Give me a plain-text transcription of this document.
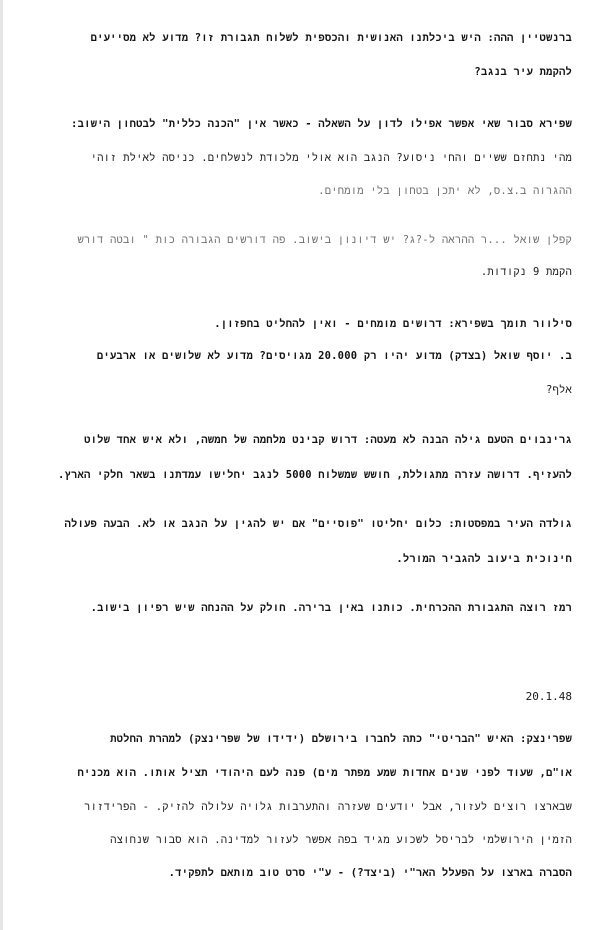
ברנשטיין ההה: היש ביכלתנו האנושית והכספית לשלוח תגבורת זו? מדוע לא מסייעים
להקמת עיר בנגב?
שפירא סבור שאי אפשר אפילו לדון על השאלה - כאשר אין "הכנה כללית" לבטחון הישוב:
מהי נתחזם ששיים והחי ניסוע? הנגב הוא אולי מלכודת לנשלחים. כניסה לאילת זוהי
ההגרוה ב.צ.ס, לא יתכן בטחון בלי מומחים.
קפלן שואל ...ר ההראה ל-?ג? יש דיונון בישוב. פה דורשים הגבורה כות " ובטה דורש
הקמת 9 נקודות.
סילוור תומך בשפירא: דרושים מומחים - ואין להחליט בחפזון.
ב. יוסף שואל (בצדק) מדוע יהיו רק 20.000 מגויסים? מדוע לא שלושים או ארבעים
אלף?
גרינבוים הטעם גילה הבנה לא מעטה: דרוש קבינט מלחמה של חמשה, ולא איש אחד שלוט
להעזיף. דרושה עזרה מתגוללת, חושש שמשלוח 5000 לנגב יחלישו עמדתנו בשאר חלקי הארץ.
גולדה העיר במפסטות: כלום יחליטו "פוסיים" אם יש להגין על הנגב או לא. הבעה פעולה
חינוכית ביעוב להגביר המורל.
רמז רוצה התגבורת ההכרחית. כותנו באין ברירה. חולק על ההנחה שיש רפיון בישוב.
20.1.48
שפרינצק: האיש "הבריטי" כתה לחברו בירושלם (ידידו של שפרינצק) למהרת החלטת
או"ם, שעוד לפני שנים אחדות שמע מפתר מים) פנה לעם היהודי תציל אותו. הוא מכניח
שבארצו רוצים לעזור, אבל יודעים שעזרה והתערבות גלויה עלולה להזיק. - הפרידזור
הזמין הירושלמי לבריסל לשכוע מגיד בפה אפשר לעזור למדינה. הוא סבור שנחוצה
הסברה בארצו על הפעלל האר"י (ביצד?) - ע"י סרט טוב מותאם לתפקיד.
